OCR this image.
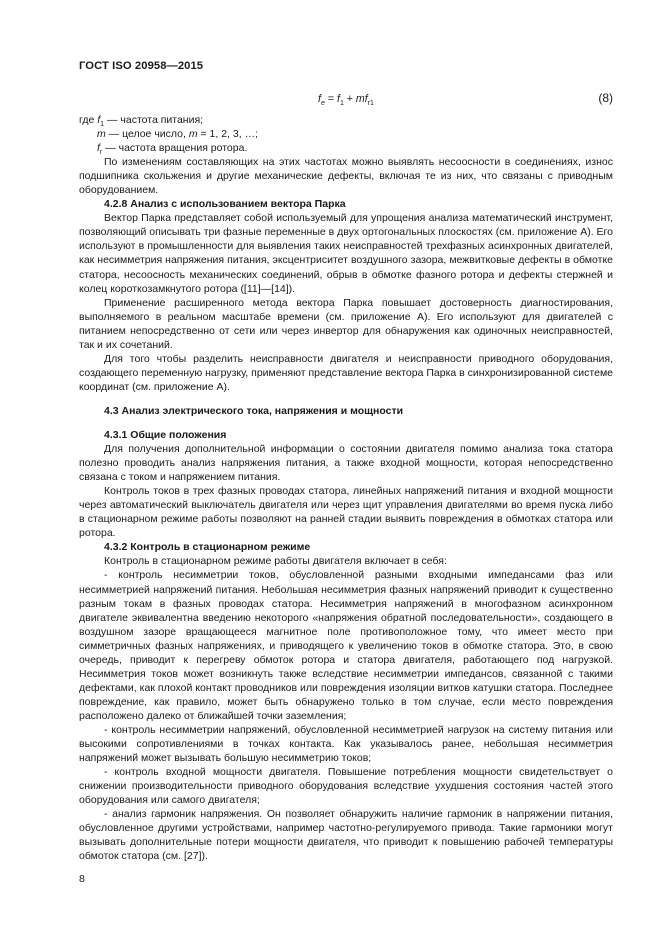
ГОСТ ISO 20958—2015
$f_e = f_1 + mf_{r1}$	(8)

где $f_1$ — частота питания;

m — целое число, m = 1, 2, 3, …;

$f_r$ — частота вращения ротора.

По изменениям составляющих на этих частотах можно выявлять несоосности в соединениях, износ подшипника скольжения и другие механические дефекты, включая те из них, что связаны с приводным оборудованием.

4.2.8 Анализ с использованием вектора Парка

Вектор Парка представляет собой используемый для упрощения анализа математический инструмент, позволяющий описывать три фазные переменные в двух ортогональных плоскостях (см. приложение А). Его используют в промышленности для выявления таких неисправностей трехфазных асинхронных двигателей, как несимметрия напряжения питания, эксцентриситет воздушного зазора, межвитковые дефекты в обмотке статора, несоосность механических соединений, обрыв в обмотке фазного ротора и дефекты стержней и колец короткозамкнутого ротора ([11]—[14]).

Применение расширенного метода вектора Парка повышает достоверность диагностирования, выполняемого в реальном масштабе времени (см. приложение А). Его используют для двигателей с питанием непосредственно от сети или через инвертор для обнаружения как одиночных неисправностей, так и их сочетаний.

Для того чтобы разделить неисправности двигателя и неисправности приводного оборудования, создающего переменную нагрузку, применяют представление вектора Парка в синхронизированной системе координат (см. приложение А).

4.3 Анализ электрического тока, напряжения и мощности

4.3.1 Общие положения

Для получения дополнительной информации о состоянии двигателя помимо анализа тока статора полезно проводить анализ напряжения питания, а также входной мощности, которая непосредственно связана с током и напряжением питания.

Контроль токов в трех фазных проводах статора, линейных напряжений питания и входной мощности через автоматический выключатель двигателя или через щит управления двигателями во время пуска либо в стационарном режиме работы позволяют на ранней стадии выявить повреждения в обмотках статора или ротора.

4.3.2 Контроль в стационарном режиме

Контроль в стационарном режиме работы двигателя включает в себя:

- контроль несимметрии токов, обусловленной разными входными импедансами фаз или несимметрией напряжений питания. Небольшая несимметрия фазных напряжений приводит к существенно разным токам в фазных проводах статора. Несимметрия напряжений в многофазном асинхронном двигателе эквивалентна введению некоторого «напряжения обратной последовательности», создающего в воздушном зазоре вращающееся магнитное поле противоположное тому, что имеет место при симметричных фазных напряжениях, и приводящего к увеличению токов в обмотке статора. Это, в свою очередь, приводит к перегреву обмоток ротора и статора двигателя, работающего под нагрузкой. Несимметрия токов может возникнуть также вследствие несимметрии импедансов, связанной с такими дефектами, как плохой контакт проводников или повреждения изоляции витков катушки статора. Последнее повреждение, как правило, может быть обнаружено только в том случае, если место повреждения расположено далеко от ближайшей точки заземления;

- контроль несимметрии напряжений, обусловленной несимметрией нагрузок на систему питания или высокими сопротивлениями в точках контакта. Как указывалось ранее, небольшая несимметрия напряжений может вызывать большую несимметрию токов;

- контроль входной мощности двигателя. Повышение потребления мощности свидетельствует о снижении производительности приводного оборудования вследствие ухудшения состояния частей этого оборудования или самого двигателя;

- анализ гармоник напряжения. Он позволяет обнаружить наличие гармоник в напряжении питания, обусловленное другими устройствами, например частотно-регулируемого привода. Такие гармоники могут вызывать дополнительные потери мощности двигателя, что приводит к повышению рабочей температуры обмоток статора (см. [27]).

8
